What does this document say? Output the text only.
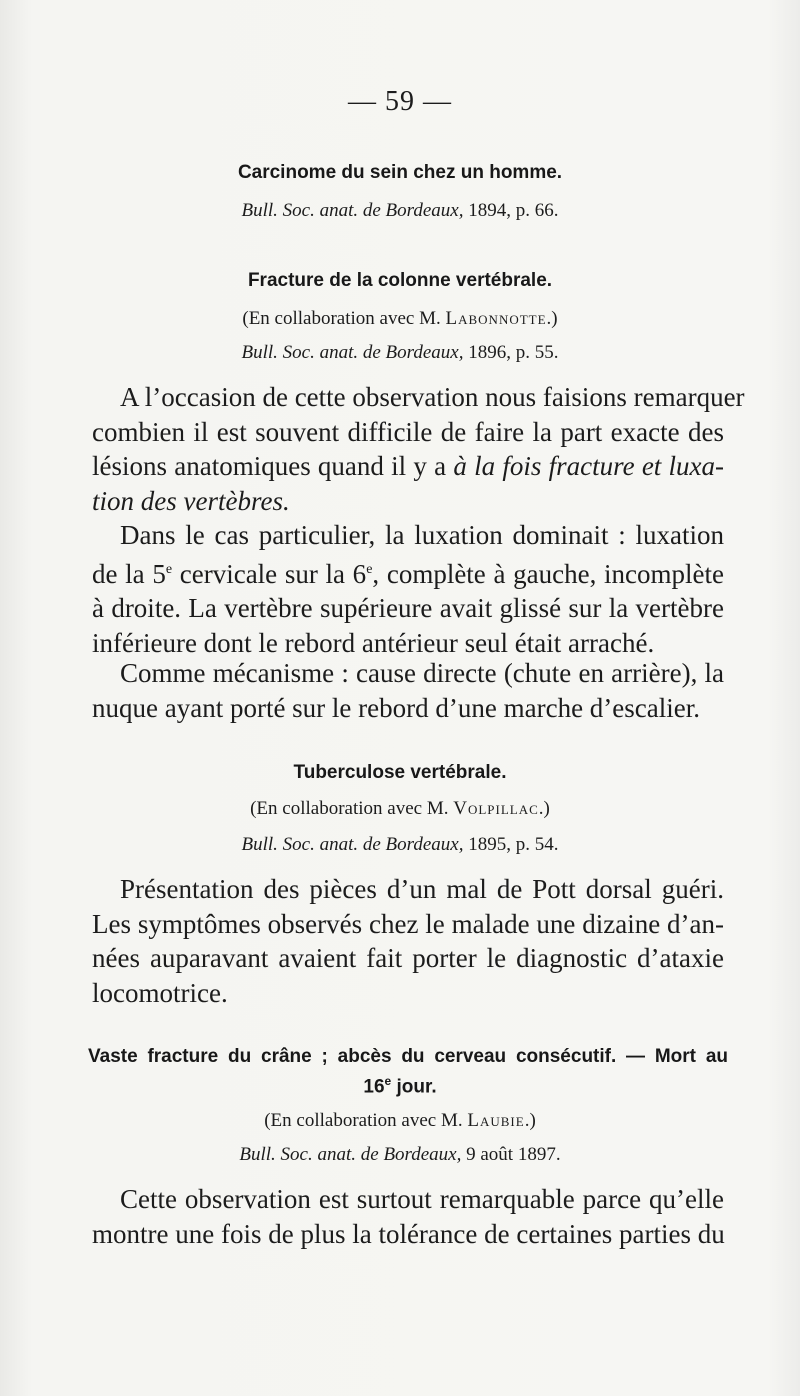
— 59 —
Carcinome du sein chez un homme.
Bull. Soc. anat. de Bordeaux, 1894, p. 66.
Fracture de la colonne vertébrale.
(En collaboration avec M. Labonnotte.)
Bull. Soc. anat. de Bordeaux, 1896, p. 55.
A l’occasion de cette observation nous faisions remarquer
combien il est souvent difficile de faire la part exacte des
lésions anatomiques quand il y a à la fois fracture et luxa-
tion des vertèbres.
Dans le cas particulier, la luxation dominait : luxation
de la 5e cervicale sur la 6e, complète à gauche, incomplète
à droite. La vertèbre supérieure avait glissé sur la vertèbre
inférieure dont le rebord antérieur seul était arraché.
Comme mécanisme : cause directe (chute en arrière), la
nuque ayant porté sur le rebord d’une marche d’escalier.
Tuberculose vertébrale.
(En collaboration avec M. Volpillac.)
Bull. Soc. anat. de Bordeaux, 1895, p. 54.
Présentation des pièces d’un mal de Pott dorsal guéri.
Les symptômes observés chez le malade une dizaine d’an-
nées auparavant avaient fait porter le diagnostic d’ataxie
locomotrice.
Vaste fracture du crâne ; abcès du cerveau consécutif. — Mort au
16e jour.
(En collaboration avec M. Laubie.)
Bull. Soc. anat. de Bordeaux, 9 août 1897.
Cette observation est surtout remarquable parce qu’elle
montre une fois de plus la tolérance de certaines parties du
